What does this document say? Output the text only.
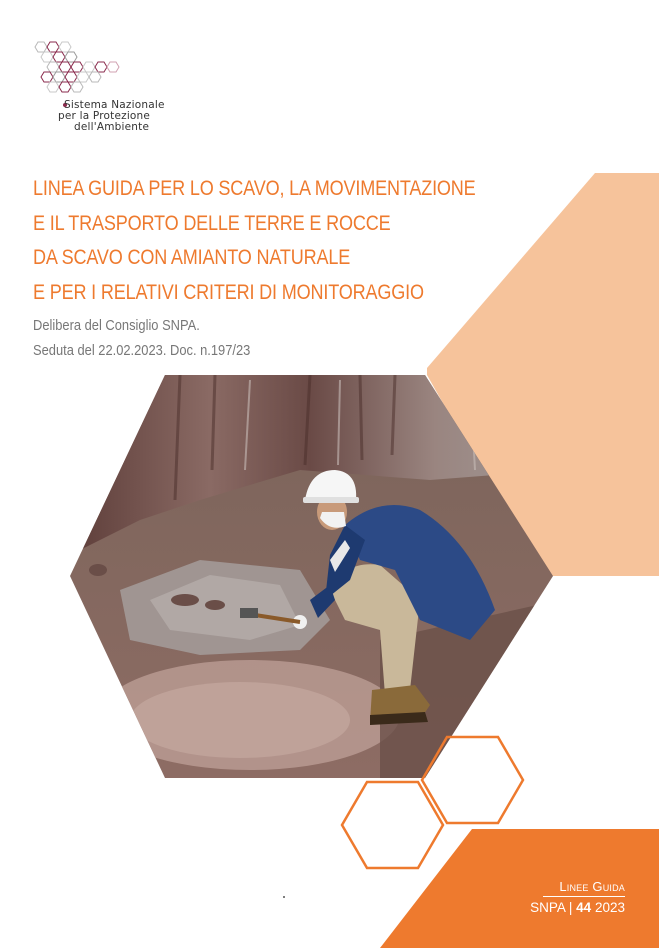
Sistema Nazionale
per la Protezione
dell'Ambiente
LINEA GUIDA PER LO SCAVO, LA MOVIMENTAZIONE
E IL TRASPORTO DELLE TERRE E ROCCE
DA SCAVO CON AMIANTO NATURALE
E PER I RELATIVI CRITERI DI MONITORAGGIO
Delibera del Consiglio SNPA.
Seduta del 22.02.2023. Doc. n.197/23
Linee Guida
SNPA | 44 2023
